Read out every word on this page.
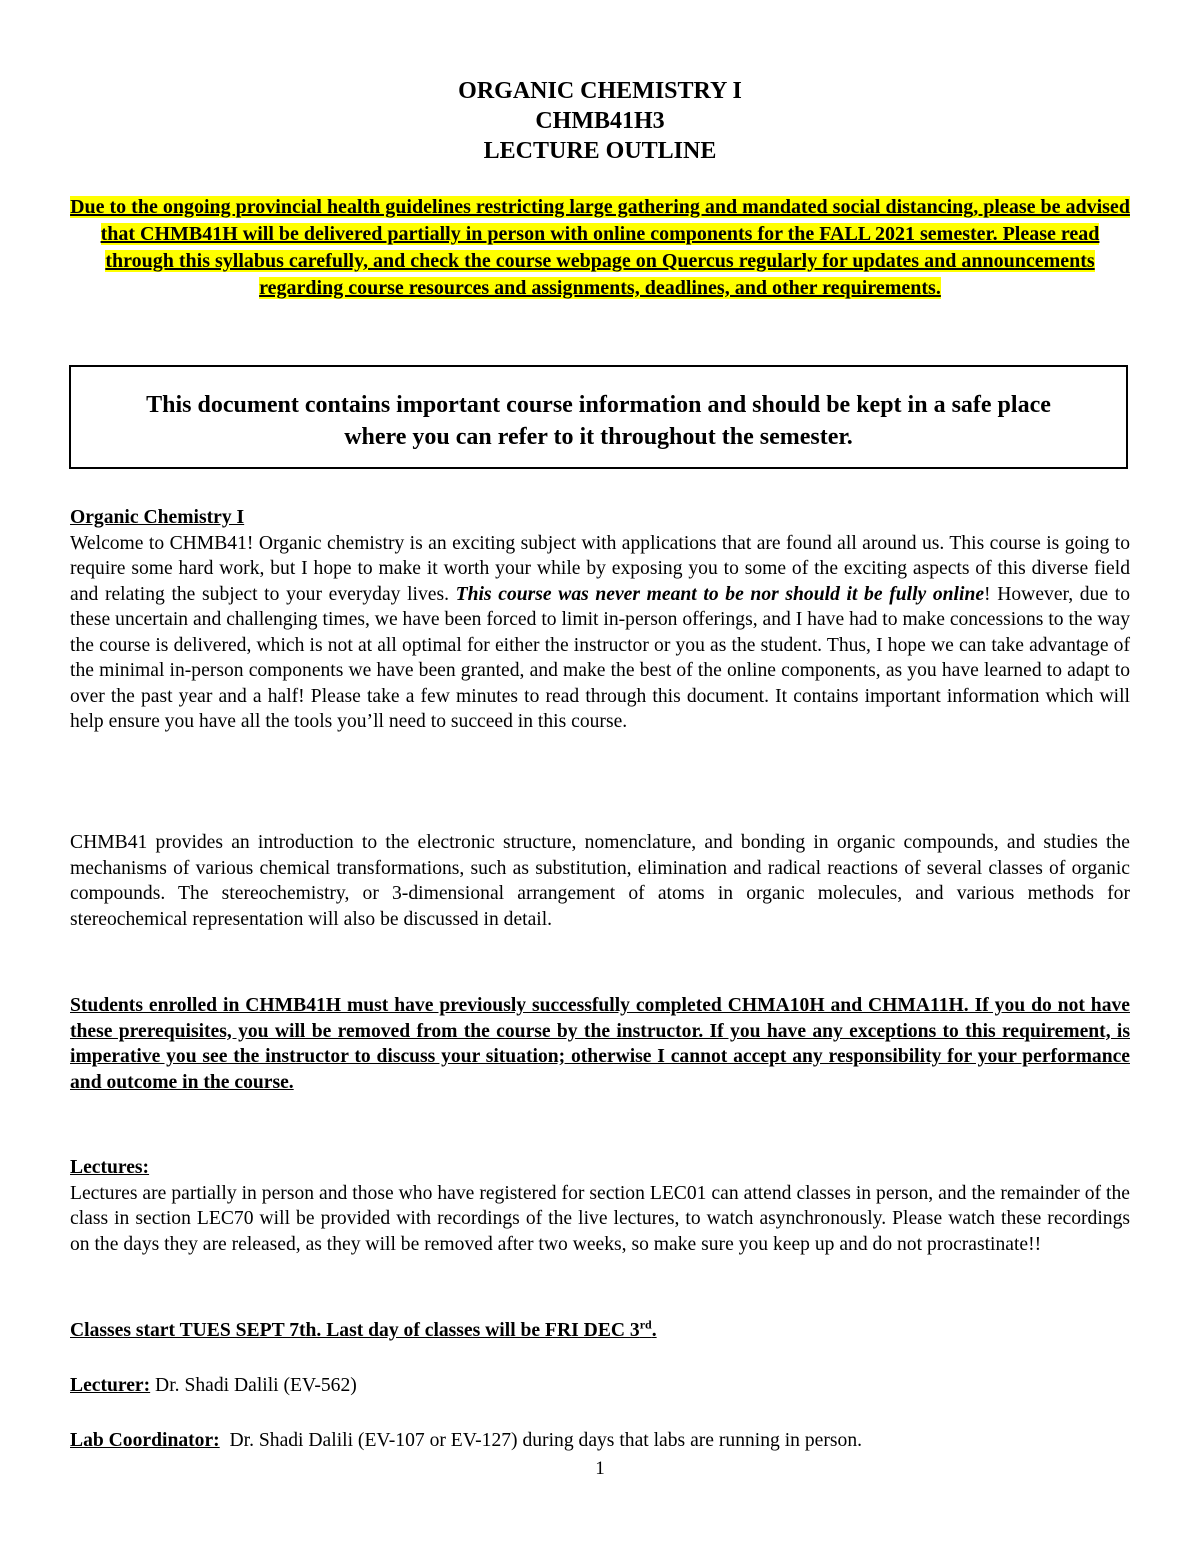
ORGANIC CHEMISTRY I
CHMB41H3
LECTURE OUTLINE
Due to the ongoing provincial health guidelines restricting large gathering and mandated social distancing, please be advised that CHMB41H will be delivered partially in person with online components for the FALL 2021 semester. Please read through this syllabus carefully, and check the course webpage on Quercus regularly for updates and announcements regarding course resources and assignments, deadlines, and other requirements.
This document contains important course information and should be kept in a safe place
where you can refer to it throughout the semester.
Organic Chemistry I
Welcome to CHMB41! Organic chemistry is an exciting subject with applications that are found all around us. This course is going to require some hard work, but I hope to make it worth your while by exposing you to some of the exciting aspects of this diverse field and relating the subject to your everyday lives. This course was never meant to be nor should it be fully online! However, due to these uncertain and challenging times, we have been forced to limit in-person offerings, and I have had to make concessions to the way the course is delivered, which is not at all optimal for either the instructor or you as the student. Thus, I hope we can take advantage of the minimal in-person components we have been granted, and make the best of the online components, as you have learned to adapt to over the past year and a half! Please take a few minutes to read through this document. It contains important information which will help ensure you have all the tools you’ll need to succeed in this course.
CHMB41 provides an introduction to the electronic structure, nomenclature, and bonding in organic compounds, and studies the mechanisms of various chemical transformations, such as substitution, elimination and radical reactions of several classes of organic compounds. The stereochemistry, or 3-dimensional arrangement of atoms in organic molecules, and various methods for stereochemical representation will also be discussed in detail.
Students enrolled in CHMB41H must have previously successfully completed CHMA10H and CHMA11H. If you do not have these prerequisites, you will be removed from the course by the instructor. If you have any exceptions to this requirement, is imperative you see the instructor to discuss your situation; otherwise I cannot accept any responsibility for your performance and outcome in the course.
Lectures:
Lectures are partially in person and those who have registered for section LEC01 can attend classes in person, and the remainder of the class in section LEC70 will be provided with recordings of the live lectures, to watch asynchronously. Please watch these recordings on the days they are released, as they will be removed after two weeks, so make sure you keep up and do not procrastinate!!
Classes start TUES SEPT 7th. Last day of classes will be FRI DEC 3rd.
Lecturer: Dr. Shadi Dalili (EV-562)
Lab Coordinator:  Dr. Shadi Dalili (EV-107 or EV-127) during days that labs are running in person.
1
